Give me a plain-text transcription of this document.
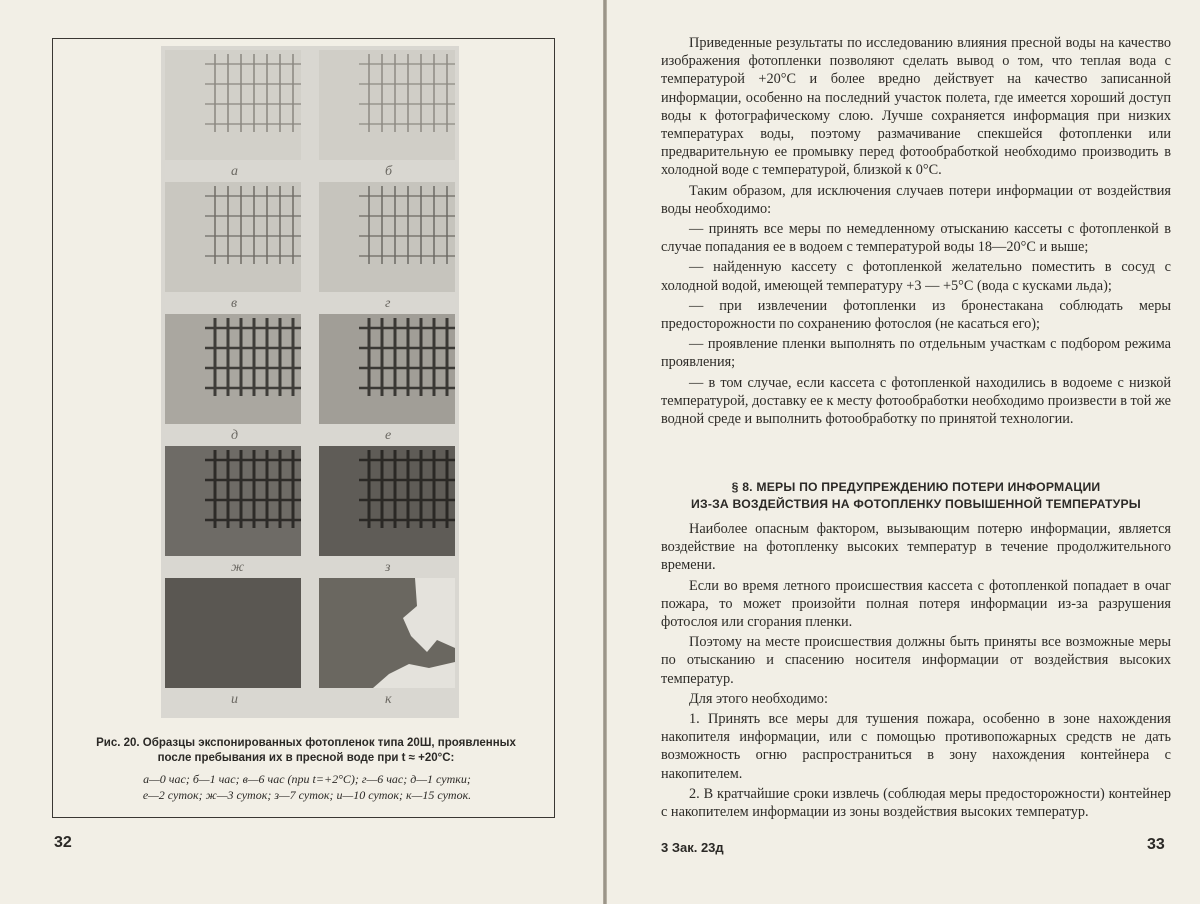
а	б
в	г
д	е
ж	з
и	к
Рис. 20. Образцы экспонированных фотопленок типа 20Ш, проявленных
после пребывания их в пресной воде при t ≈ +20°С:
а—0 час; б—1 час; в—6 час (при t=+2°С); г—6 час; д—1 сутки;
е—2 суток; ж—3 суток; з—7 суток; и—10 суток; к—15 суток.
32

Приведенные результаты по исследованию влияния пресной воды на качество изображения фотопленки позволяют сделать вывод о том, что теплая вода с температурой +20°С и более вредно действует на качество записанной информации, особенно на последний участок полета, где имеется хороший доступ воды к фотографическому слою. Лучше сохраняется информация при низких температурах воды, поэтому размачивание спекшейся фотопленки или предварительную ее промывку перед фотообработкой необходимо производить в холодной воде с температурой, близкой к 0°С.

Таким образом, для исключения случаев потери информации от воздействия воды необходимо:

— принять все меры по немедленному отысканию кассеты с фотопленкой в случае попадания ее в водоем с температурой воды 18—20°С и выше;

— найденную кассету с фотопленкой желательно поместить в сосуд с холодной водой, имеющей температуру +3 — +5°С (вода с кусками льда);

— при извлечении фотопленки из бронестакана соблюдать меры предосторожности по сохранению фотослоя (не касаться его);

— проявление пленки выполнять по отдельным участкам с подбором режима проявления;

— в том случае, если кассета с фотопленкой находились в водоеме с низкой температурой, доставку ее к месту фотообработки необходимо произвести в той же водной среде и выполнить фотообработку по принятой технологии.

§ 8. МЕРЫ ПО ПРЕДУПРЕЖДЕНИЮ ПОТЕРИ ИНФОРМАЦИИ
ИЗ-ЗА ВОЗДЕЙСТВИЯ НА ФОТОПЛЕНКУ ПОВЫШЕННОЙ ТЕМПЕРАТУРЫ

Наиболее опасным фактором, вызывающим потерю информации, является воздействие на фотопленку высоких температур в течение продолжительного времени.

Если во время летного происшествия кассета с фотопленкой попадает в очаг пожара, то может произойти полная потеря информации из-за разрушения фотослоя или сгорания пленки.

Поэтому на месте происшествия должны быть приняты все возможные меры по отысканию и спасению носителя информации от воздействия высоких температур.

Для этого необходимо:

1. Принять все меры для тушения пожара, особенно в зоне нахождения накопителя информации, или с помощью противопожарных средств не дать возможность огню распространиться в зону нахождения контейнера с накопителем.

2. В кратчайшие сроки извлечь (соблюдая меры предосторожности) контейнер с накопителем информации из зоны воздействия высоких температур.

3 Зак. 23д	33
